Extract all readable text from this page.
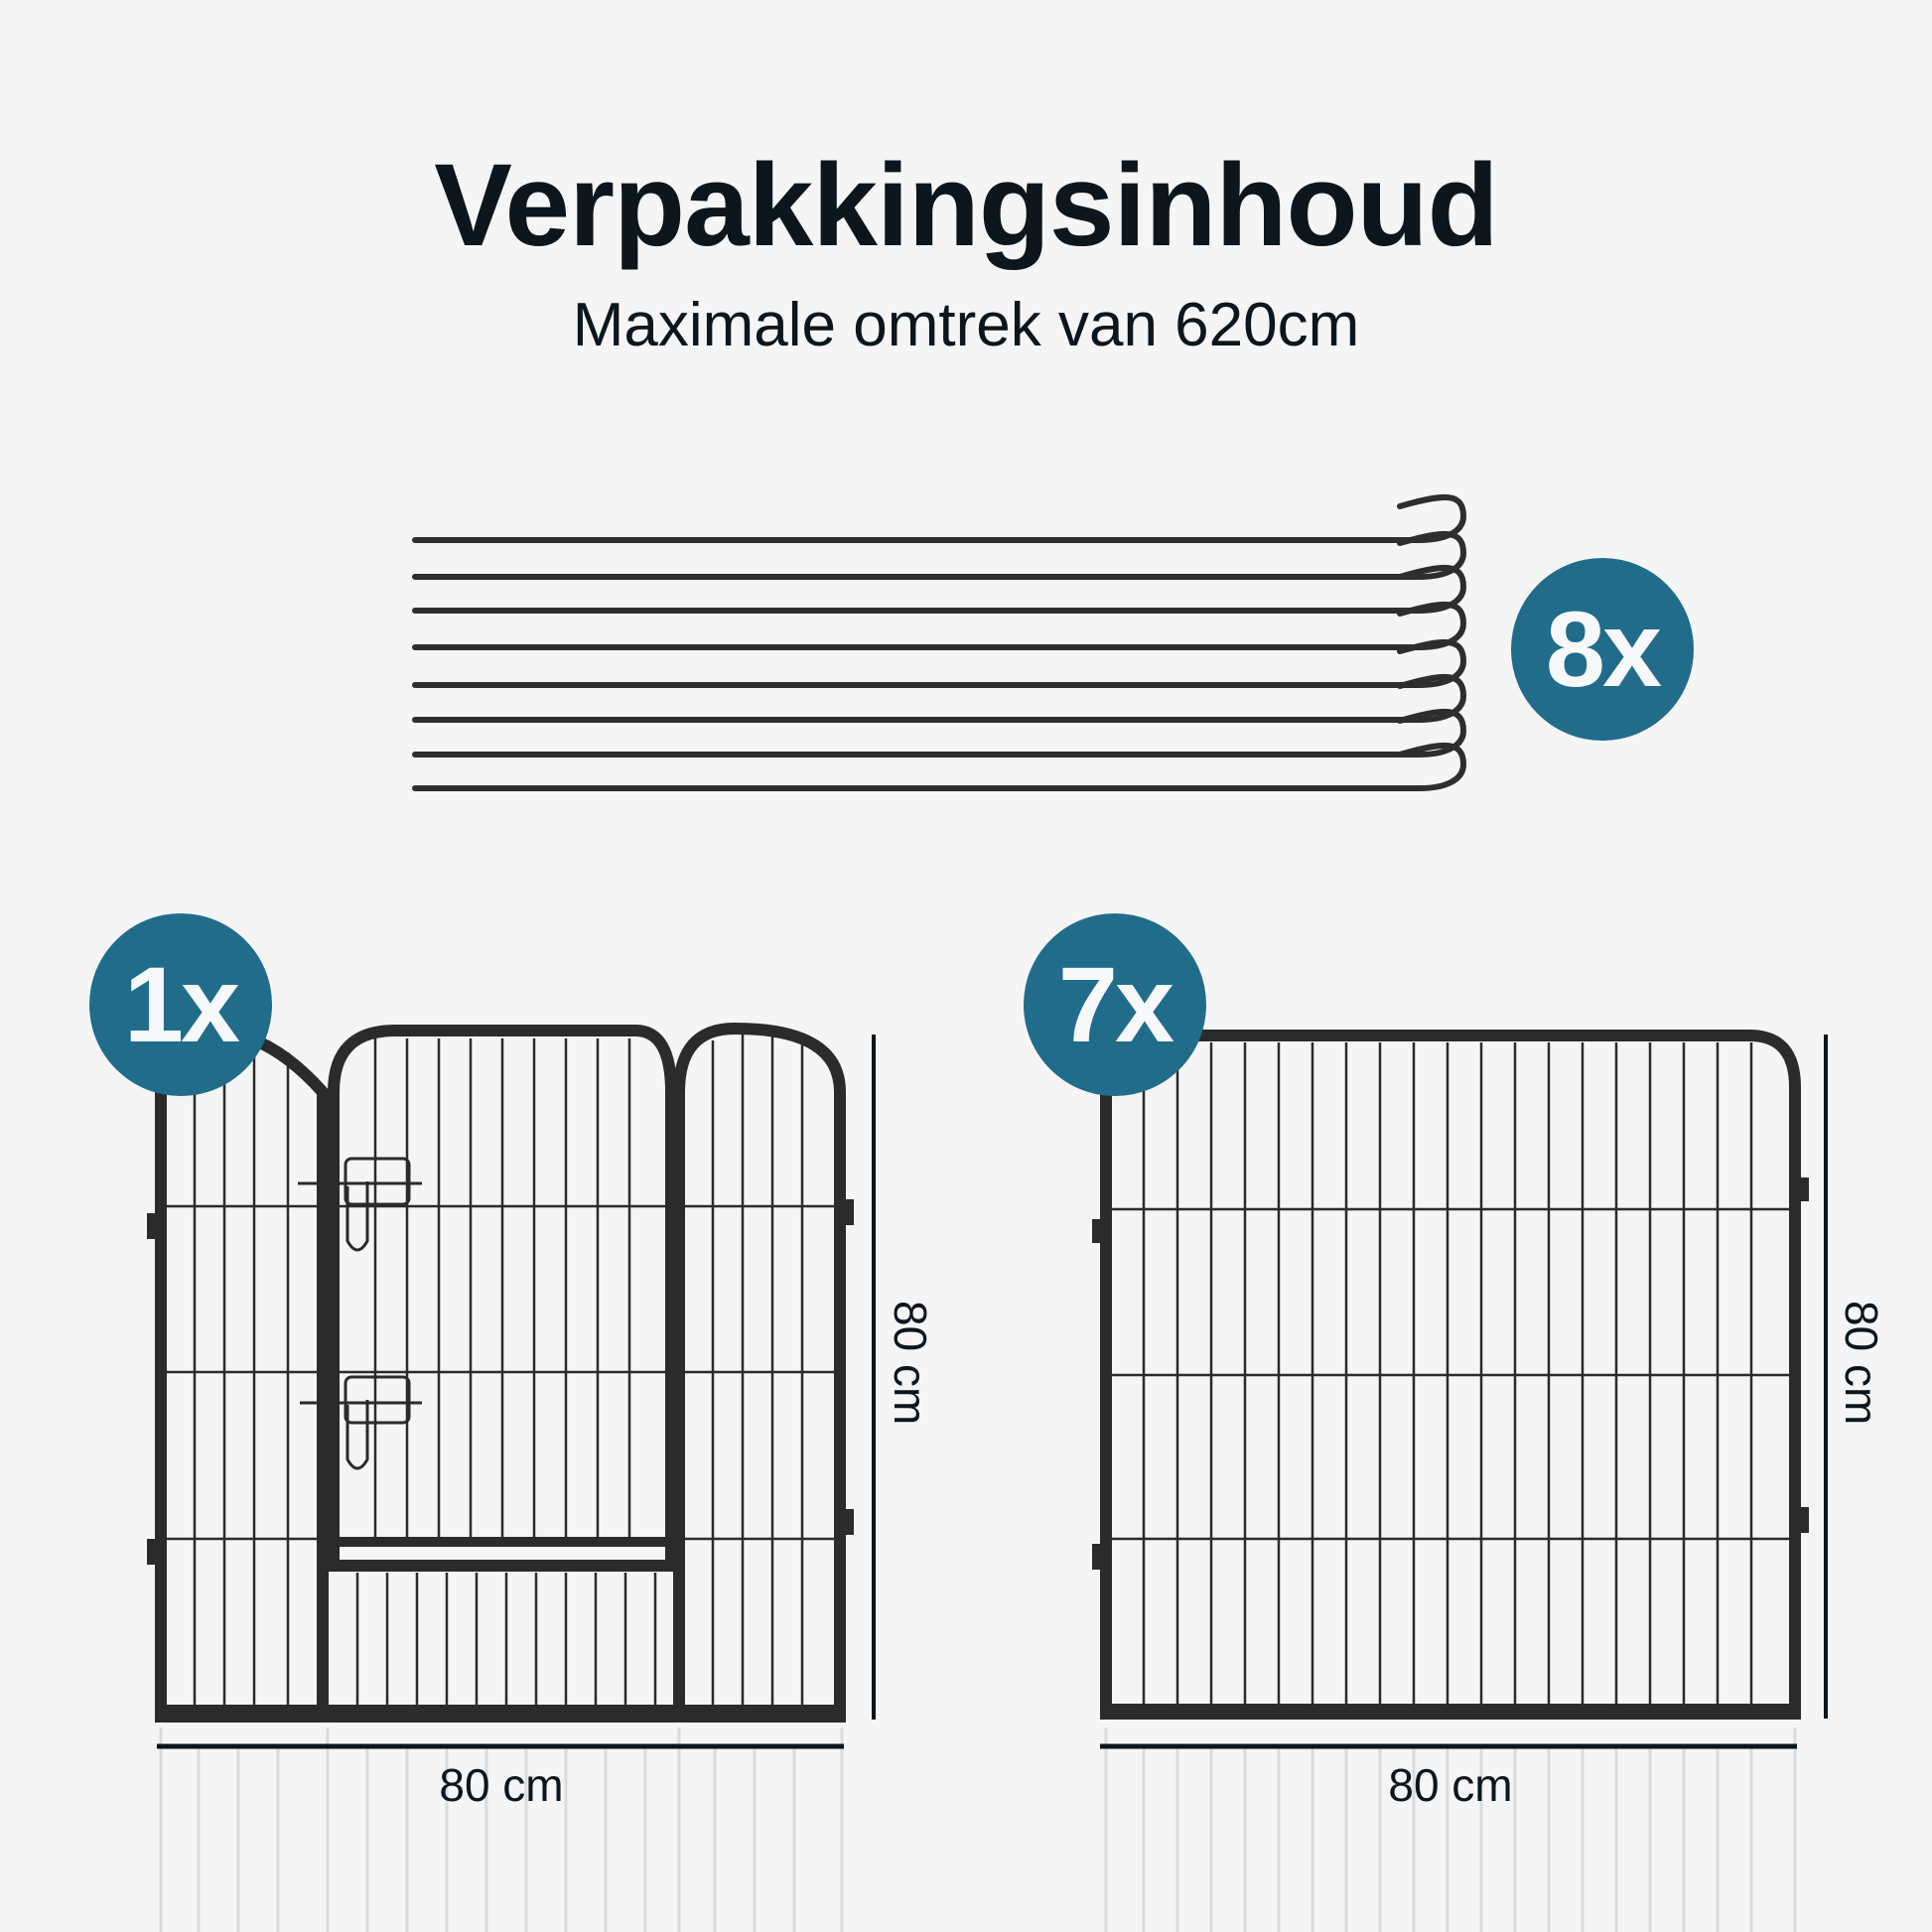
Verpakkingsinhoud
Maximale omtrek van 620cm
8x
1x	7x
80 cm
80 cm
80 cm
80 cm
